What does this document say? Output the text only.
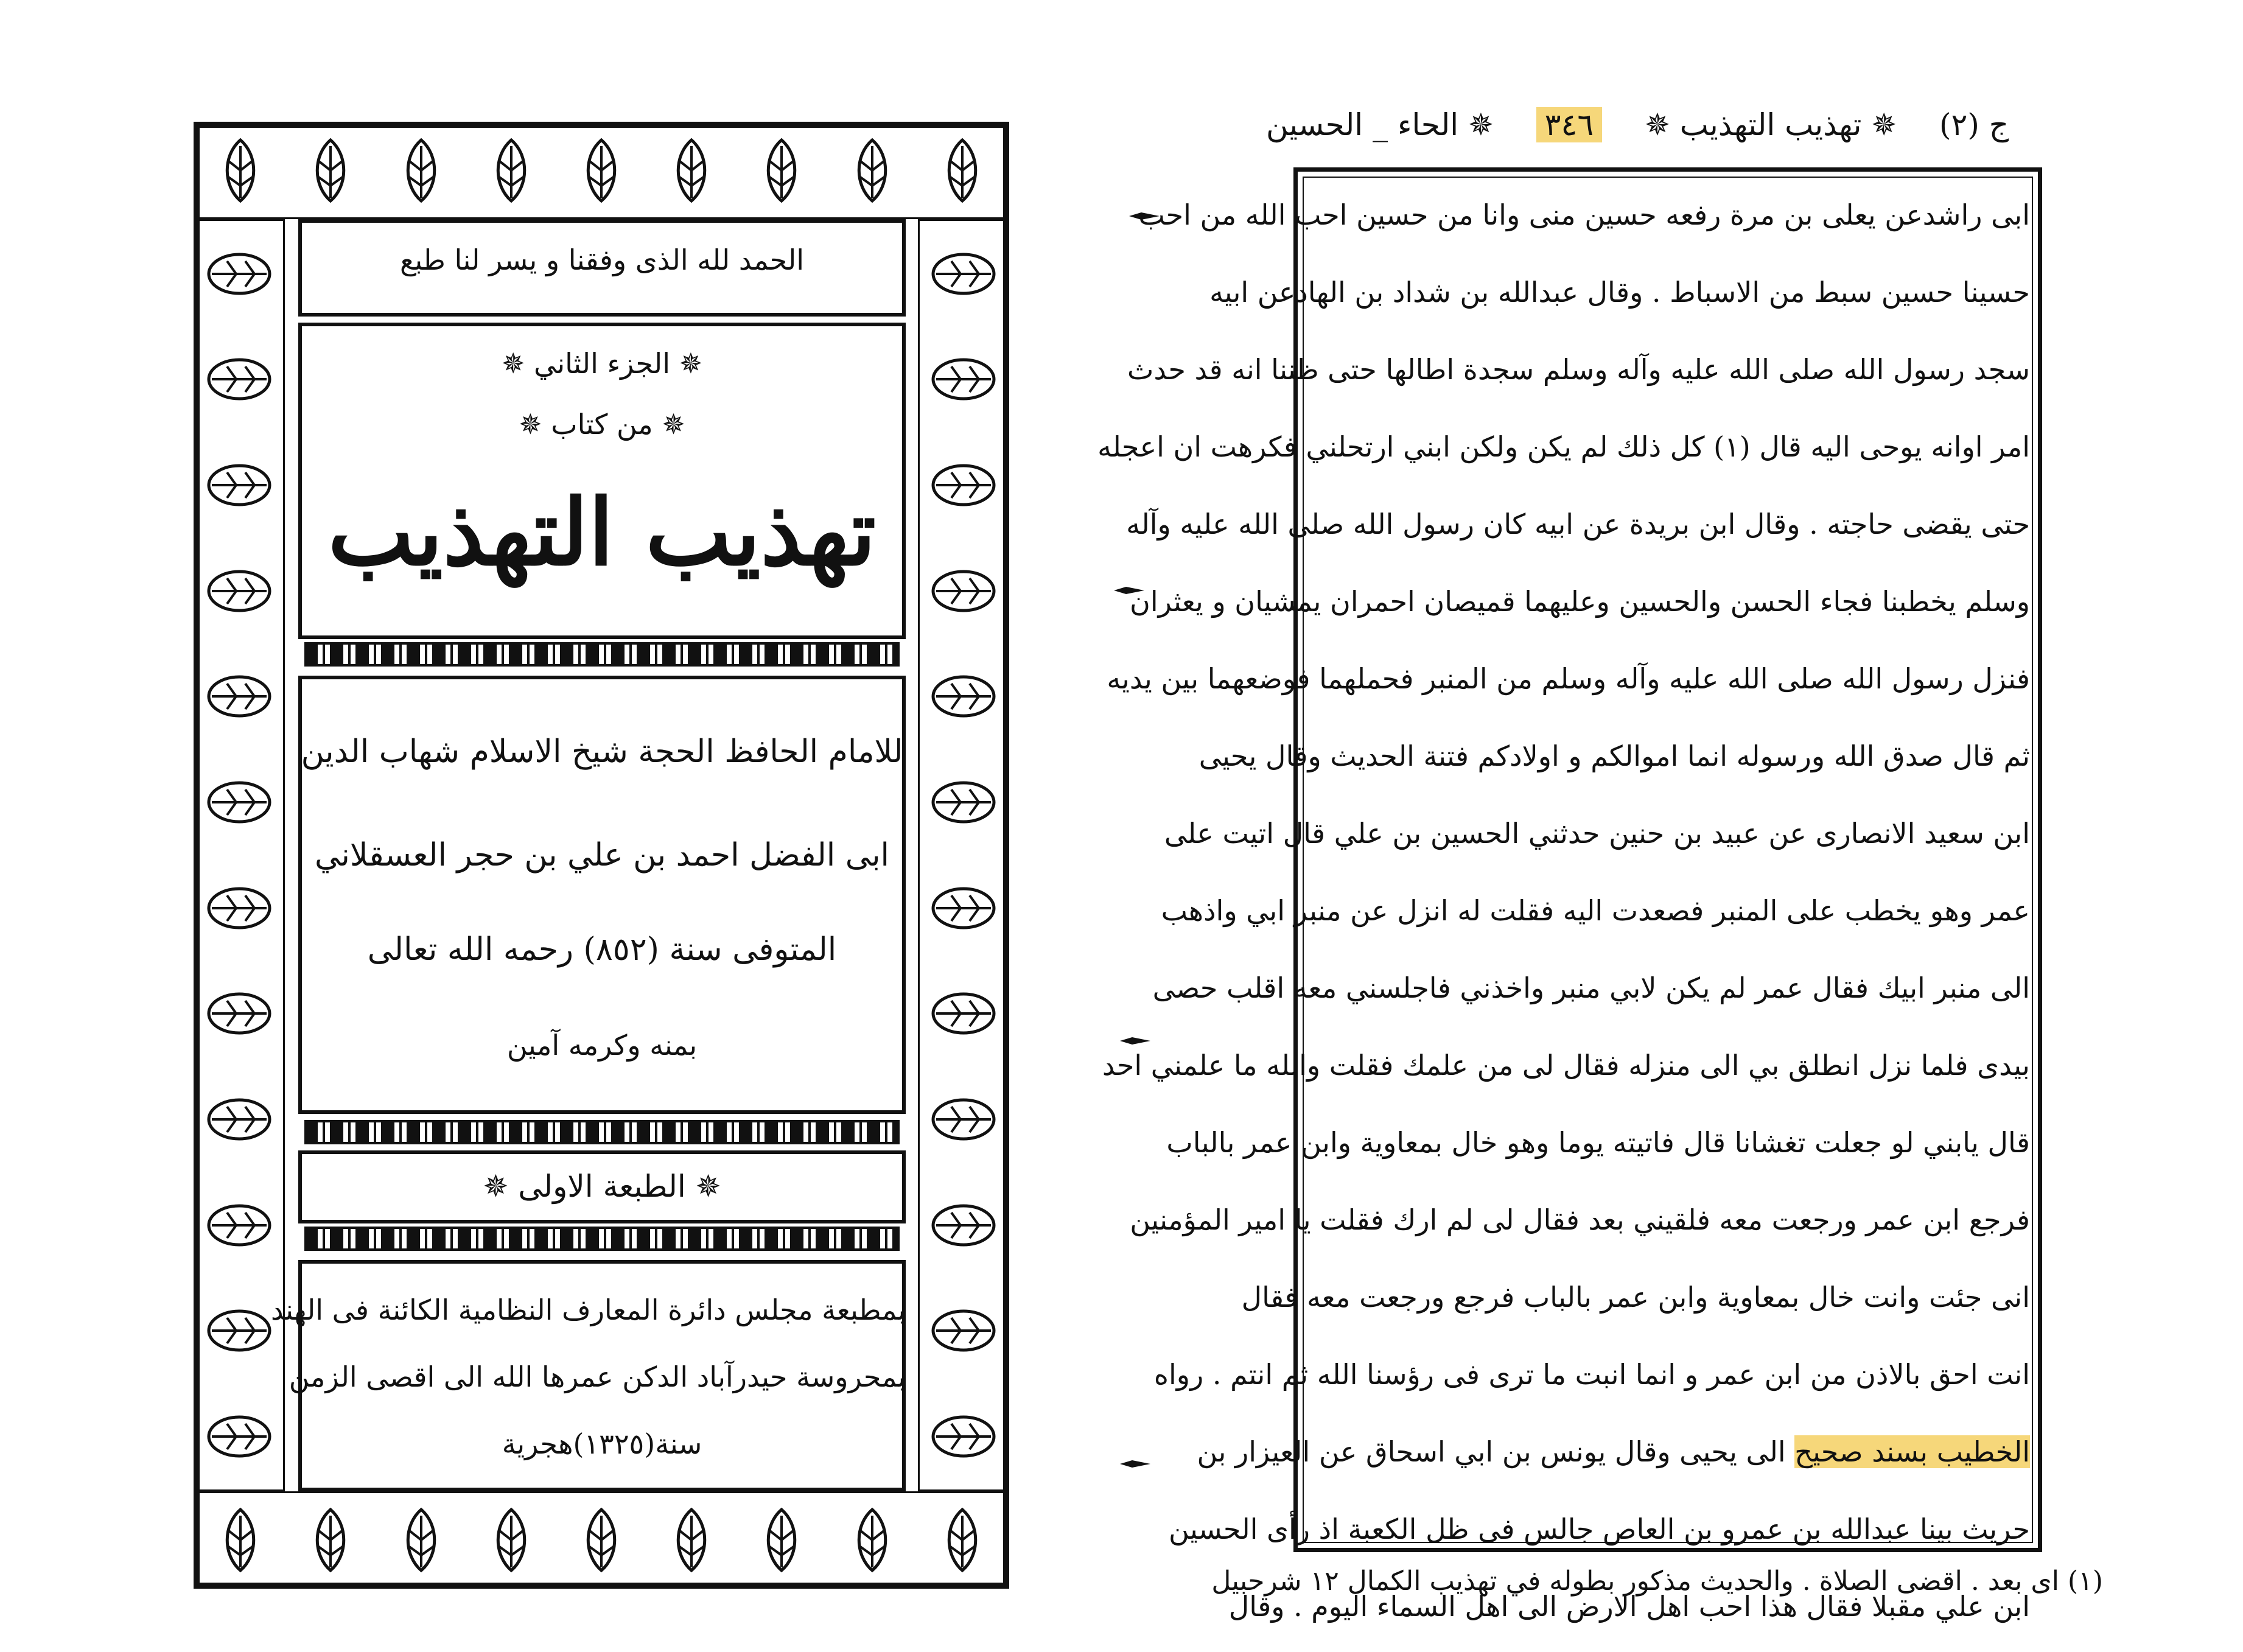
الحمد لله الذى وفقنا و يسر لنا طبع
✵ الجزء الثاني ✵
✵ من كتاب ✵
تهذيب التهذيب
للامام الحافظ الحجة شيخ الاسلام شهاب الدين
ابى الفضل احمد بن علي بن حجر العسقلاني
المتوفى سنة (٨٥٢) رحمه الله تعالى
بمنه وكرمه آمين
✵ الطبعة الاولى ✵
بمطبعة مجلس دائرة المعارف النظامية الكائنة فى الهند
بمحروسة حيدرآباد الدكن عمرها الله الى اقصى الزمن
سنة(١٣٢٥)هجرية
ج (٢)
✵ تهذيب التهذيب ✵
٣٤٦
✵ الحاء _ الحسين
ابى راشدعن يعلى بن مرة رفعه حسين منى وانا من حسين احب الله من احب
حسينا حسين سبط من الاسباط . وقال عبدالله بن شداد بن الهادعن ابيه
سجد رسول الله صلى الله عليه وآله وسلم سجدة اطالها حتى ظننا انه قد حدث
امر اوانه يوحى اليه قال (١) كل ذلك لم يكن ولكن ابني ارتحلني فكرهت ان اعجله
حتى يقضى حاجته . وقال ابن بريدة عن ابيه كان رسول الله صلى الله عليه وآله
وسلم يخطبنا فجاء الحسن والحسين وعليهما قميصان احمران يمشيان و يعثران
فنزل رسول الله صلى الله عليه وآله وسلم من المنبر فحملهما فوضعهما بين يديه
ثم قال صدق الله ورسوله انما اموالكم و اولادكم فتنة الحديث وقال يحيى
ابن سعيد الانصارى عن عبيد بن حنين حدثني الحسين بن علي قال اتيت على
عمر وهو يخطب على المنبر فصعدت اليه فقلت له انزل عن منبر ابي واذهب
الى منبر ابيك فقال عمر لم يكن لابي منبر واخذني فاجلسني معه اقلب حصى
بيدى فلما نزل انطلق بي الى منزله فقال لى من علمك فقلت والله ما علمني احد
قال يابني لو جعلت تغشانا قال فاتيته يوما وهو خال بمعاوية وابن عمر بالباب
فرجع ابن عمر ورجعت معه فلقيني بعد فقال لى لم ارك فقلت يا امير المؤمنين
انى جئت وانت خال بمعاوية وابن عمر بالباب فرجع ورجعت معه فقال
انت احق بالاذن من ابن عمر و انما انبت ما ترى فى رؤسنا الله ثم انتم . رواه
الخطيب بسند صحيح الى يحيى وقال يونس بن ابي اسحاق عن العيزار بن
حريث بينا عبدالله بن عمرو بن العاص جالس فى ظل الكعبة اذ رأى الحسين
ابن علي مقبلا فقال هذا احب اهل الارض الى اهل السماء اليوم . وقال
(١) اى بعد . اقضى الصلاة . والحديث مذكور بطوله في تهذيب الكمال ١٢ شرحبيل
